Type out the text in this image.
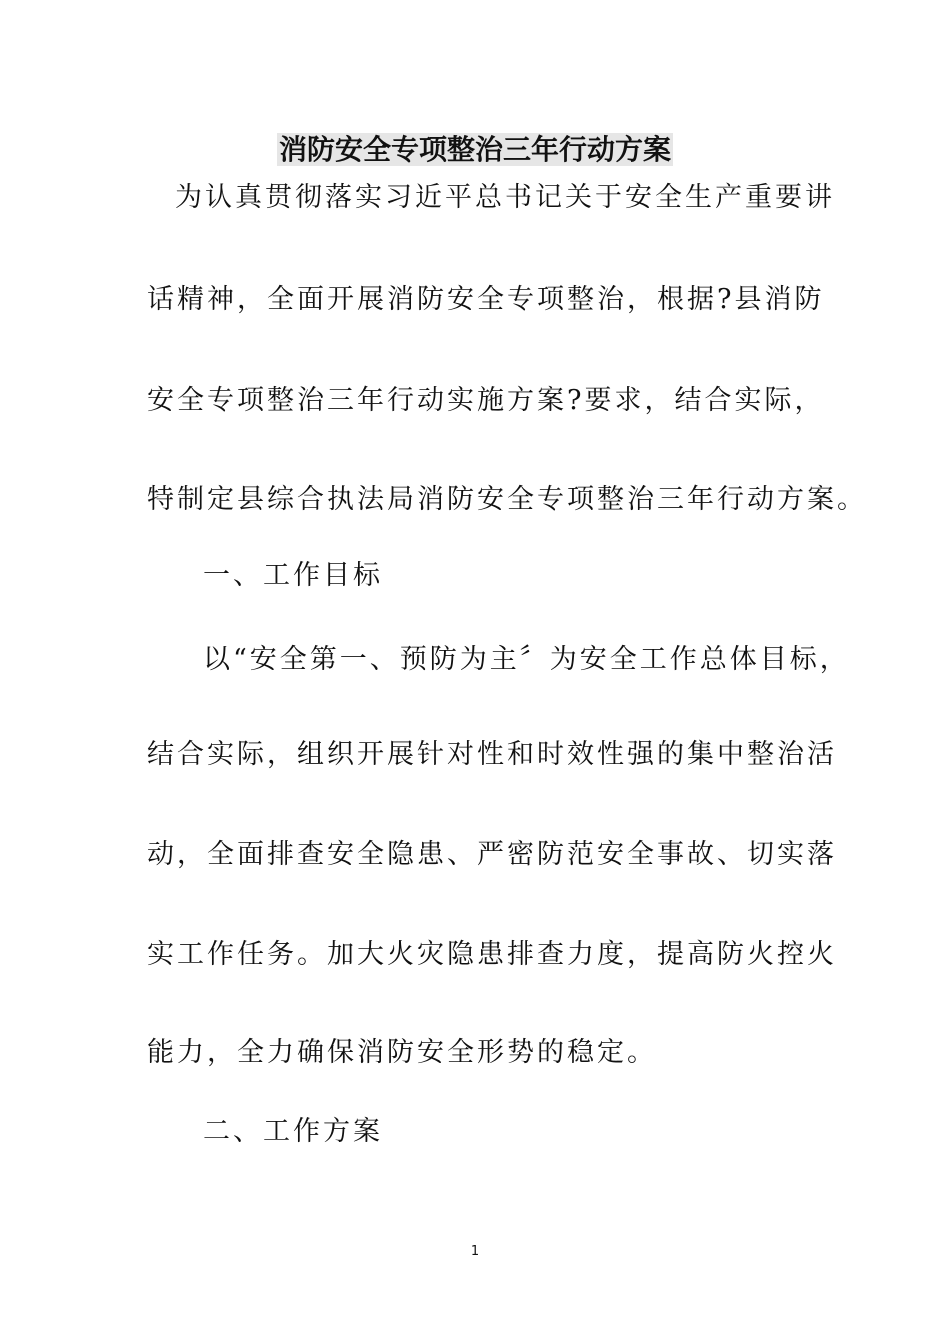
消防安全专项整治三年行动方案

为认真贯彻落实习近平总书记关于安全生产重要讲

话精神，全面开展消防安全专项整治，根据?县消防

安全专项整治三年行动实施方案?要求，结合实际，

特制定县综合执法局消防安全专项整治三年行动方案。

一、工作目标

以“安全第一、预防为主〞为安全工作总体目标，

结合实际，组织开展针对性和时效性强的集中整治活

动，全面排查安全隐患、严密防范安全事故、切实落

实工作任务。加大火灾隐患排查力度，提高防火控火

能力，全力确保消防安全形势的稳定。

二、工作方案

1
